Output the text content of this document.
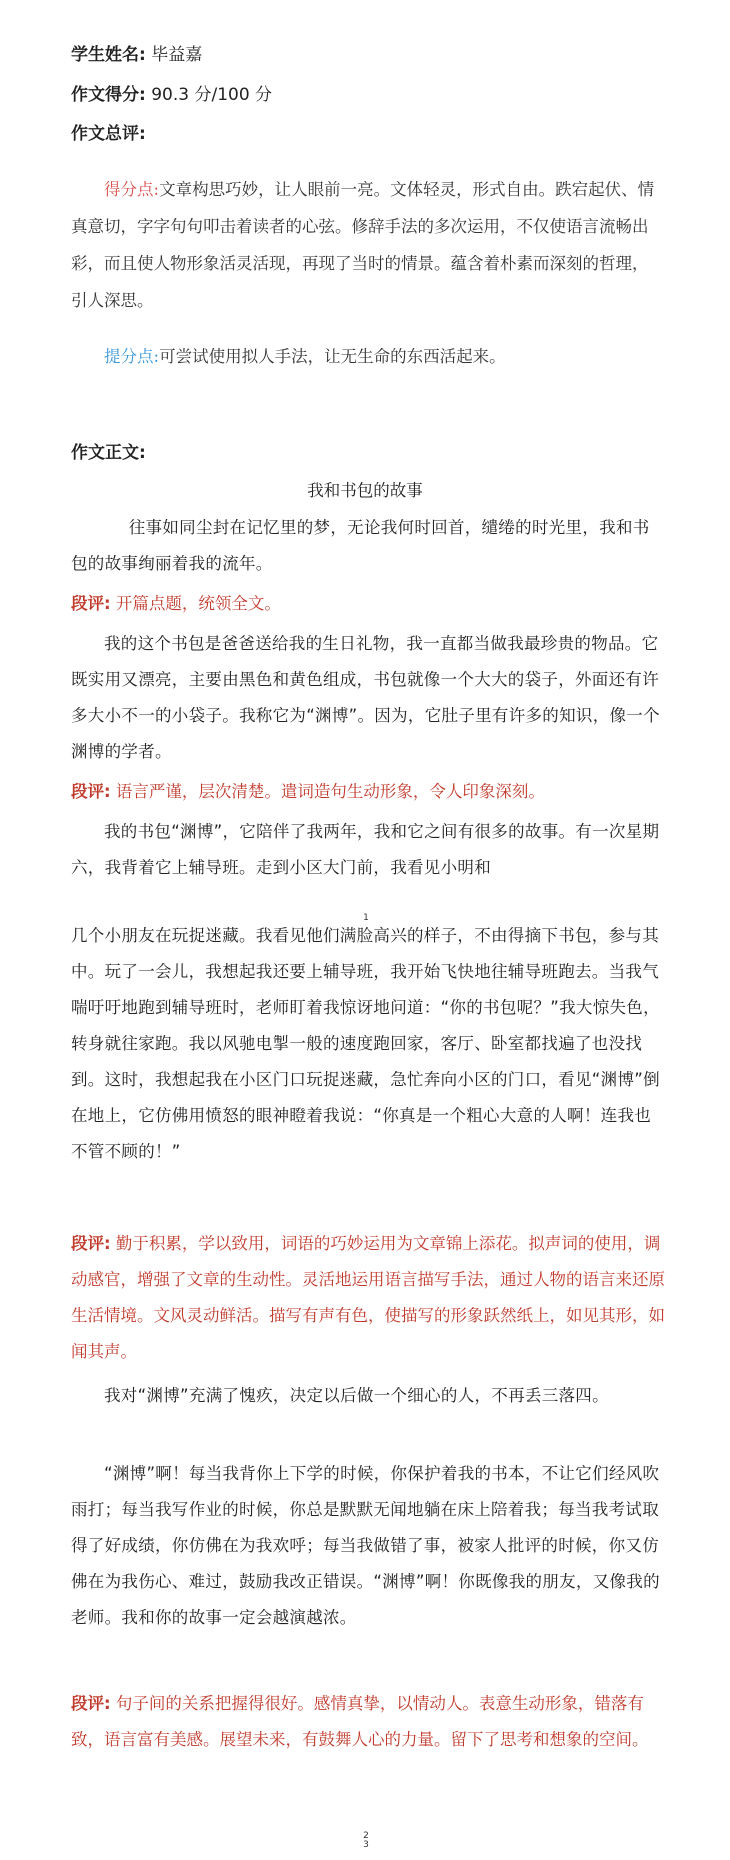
学生姓名: 毕益嘉
作文得分: 90.3 分/100 分
作文总评:
得分点:文章构思巧妙，让人眼前一亮。文体轻灵，形式自由。跌宕起伏、情真意切，字字句句叩击着读者的心弦。修辞手法的多次运用，不仅使语言流畅出彩，而且使人物形象活灵活现，再现了当时的情景。蕴含着朴素而深刻的哲理，引人深思。
提分点:可尝试使用拟人手法，让无生命的东西活起来。
作文正文:
我和书包的故事
往事如同尘封在记忆里的梦，无论我何时回首，缱绻的时光里，我和书包的故事绚丽着我的流年。
段评: 开篇点题，统领全文。
我的这个书包是爸爸送给我的生日礼物，我一直都当做我最珍贵的物品。它既实用又漂亮，主要由黑色和黄色组成，书包就像一个大大的袋子，外面还有许多大小不一的小袋子。我称它为“渊博”。因为，它肚子里有许多的知识，像一个渊博的学者。
段评: 语言严谨，层次清楚。遣词造句生动形象，令人印象深刻。
我的书包“渊博”，它陪伴了我两年，我和它之间有很多的故事。有一次星期六，我背着它上辅导班。走到小区大门前，我看见小明和
1
几个小朋友在玩捉迷藏。我看见他们满脸高兴的样子，不由得摘下书包，参与其中。玩了一会儿，我想起我还要上辅导班，我开始飞快地往辅导班跑去。当我气喘吁吁地跑到辅导班时，老师盯着我惊讶地问道：“你的书包呢？”我大惊失色，转身就往家跑。我以风驰电掣一般的速度跑回家，客厅、卧室都找遍了也没找到。这时，我想起我在小区门口玩捉迷藏，急忙奔向小区的门口，看见“渊博”倒在地上，它仿佛用愤怒的眼神瞪着我说：“你真是一个粗心大意的人啊！连我也不管不顾的！”
段评: 勤于积累，学以致用，词语的巧妙运用为文章锦上添花。拟声词的使用，调动感官，增强了文章的生动性。灵活地运用语言描写手法，通过人物的语言来还原生活情境。文风灵动鲜活。描写有声有色，使描写的形象跃然纸上，如见其形，如闻其声。
我对“渊博”充满了愧疚，决定以后做一个细心的人，不再丢三落四。
“渊博”啊！每当我背你上下学的时候，你保护着我的书本，不让它们经风吹雨打；每当我写作业的时候，你总是默默无闻地躺在床上陪着我；每当我考试取得了好成绩，你仿佛在为我欢呼；每当我做错了事，被家人批评的时候，你又仿佛在为我伤心、难过，鼓励我改正错误。“渊博”啊！你既像我的朋友，又像我的老师。我和你的故事一定会越演越浓。
段评: 句子间的关系把握得很好。感情真挚，以情动人。表意生动形象，错落有致，语言富有美感。展望未来，有鼓舞人心的力量。留下了思考和想象的空间。
2
3
